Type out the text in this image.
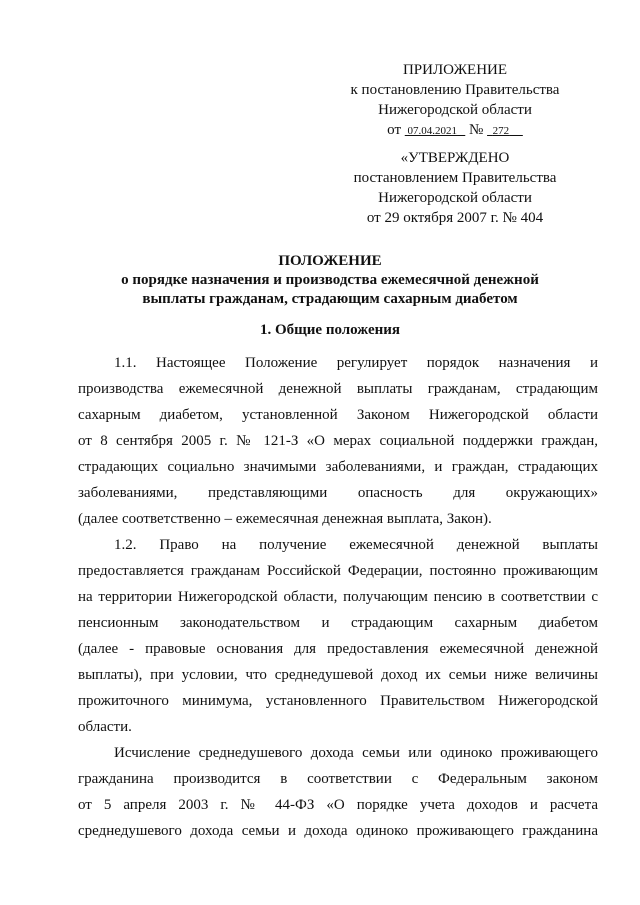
ПРИЛОЖЕНИЕ
к постановлению Правительства
Нижегородской области
от 07.04.2021 № 272
«УТВЕРЖДЕНО
постановлением Правительства
Нижегородской области
от 29 октября 2007 г. № 404
ПОЛОЖЕНИЕ
о порядке назначения и производства ежемесячной денежной
выплаты гражданам, страдающим сахарным диабетом
1. Общие положения
1.1. Настоящее Положение регулирует порядок назначения и
производства ежемесячной денежной выплаты гражданам, страдающим
сахарным диабетом, установленной Законом Нижегородской области
от 8 сентября 2005 г. № 121-З «О мерах социальной поддержки граждан,
страдающих социально значимыми заболеваниями, и граждан, страдающих
заболеваниями, представляющими опасность для окружающих»
(далее соответственно – ежемесячная денежная выплата, Закон).
1.2. Право на получение ежемесячной денежной выплаты
предоставляется гражданам Российской Федерации, постоянно проживающим
на территории Нижегородской области, получающим пенсию в соответствии с
пенсионным законодательством и страдающим сахарным диабетом
(далее - правовые основания для предоставления ежемесячной денежной
выплаты), при условии, что среднедушевой доход их семьи ниже величины
прожиточного минимума, установленного Правительством Нижегородской
области.
Исчисление среднедушевого дохода семьи или одиноко проживающего
гражданина производится в соответствии с Федеральным законом
от 5 апреля 2003 г. № 44-ФЗ «О порядке учета доходов и расчета
среднедушевого дохода семьи и дохода одиноко проживающего гражданина
